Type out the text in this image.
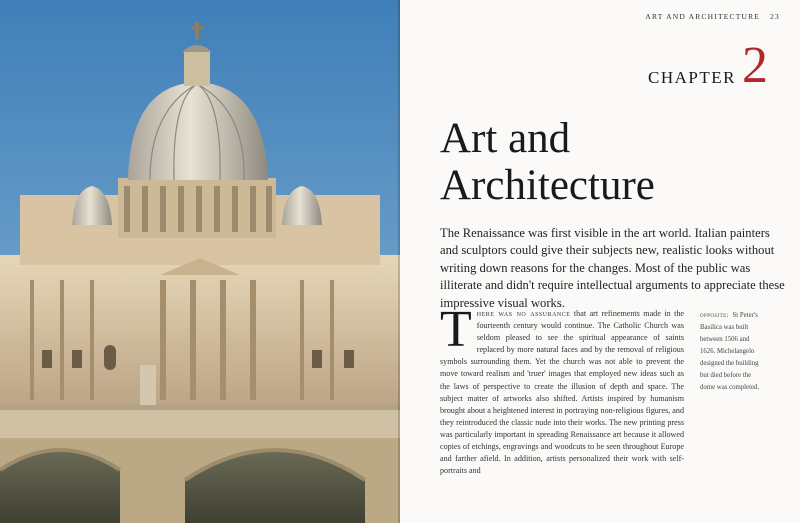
ART AND ARCHITECTURE 23
CHAPTER 2
Art and
Architecture

The Renaissance was first visible in the art world. Italian painters and sculptors could give their subjects new, realistic looks without writing down reasons for the changes. Most of the public was illiterate and didn't require intellectual arguments to appreciate these impressive visual works.

There was no assurance that art refinements made in the fourteenth century would continue. The Catholic Church was seldom pleased to see the spiritual appearance of saints replaced by more natural faces and by the removal of religious symbols surrounding them. Yet the church was not able to prevent the move toward realism and 'truer' images that employed new ideas such as the laws of perspective to create the illusion of depth and space. The subject matter of artworks also shifted. Artists inspired by humanism brought about a heightened interest in portraying non-religious figures, and they reintroduced the classic nude into their works. The new printing press was particularly important in spreading Renaissance art because it allowed copies of etchings, engravings and woodcuts to be seen throughout Europe and farther afield. In addition, artists personalized their work with self-portraits and
opposite: St Peter's Basilica was built between 1506 and 1626. Michelangelo designed the building but died before the dome was completed.
